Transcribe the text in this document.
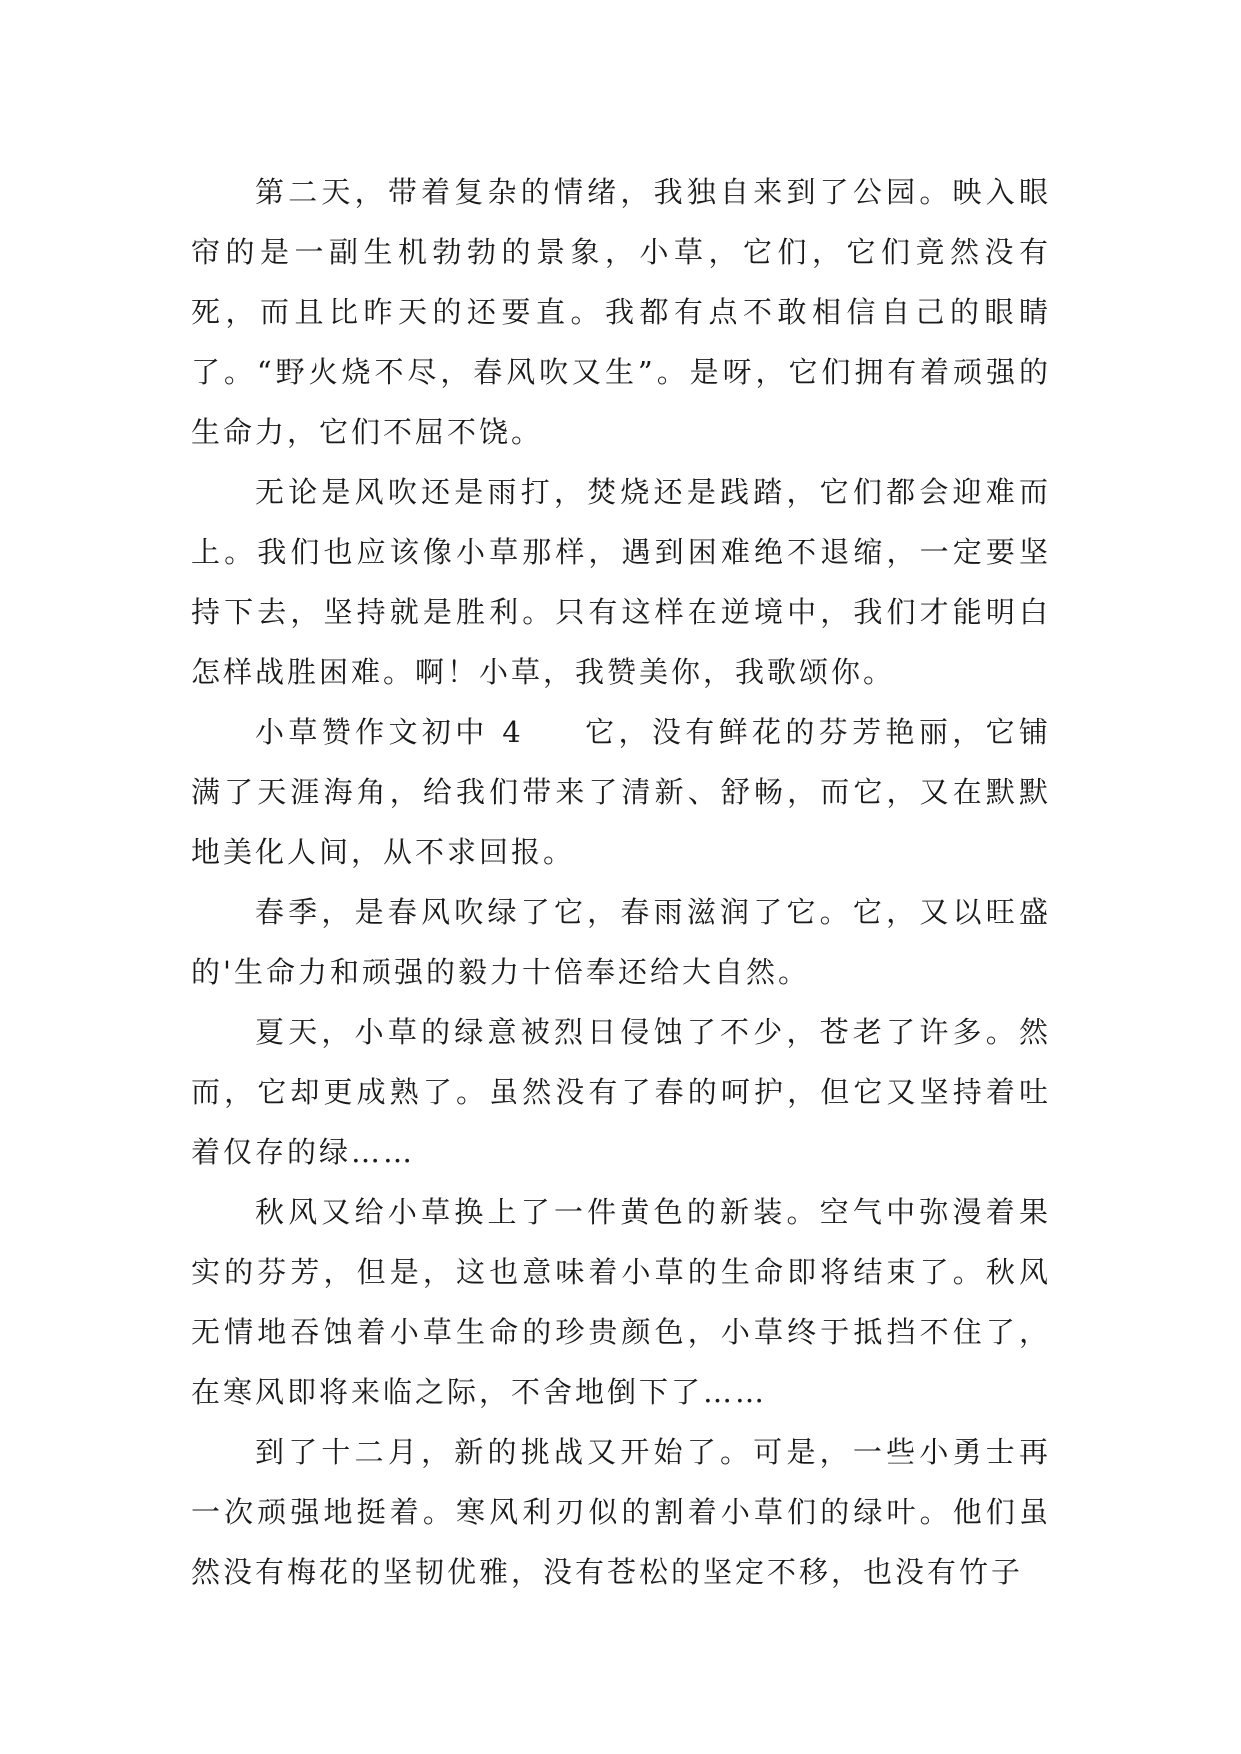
第二天，带着复杂的情绪，我独自来到了公园。映入眼帘的是一副生机勃勃的景象，小草，它们，它们竟然没有死，而且比昨天的还要直。我都有点不敢相信自己的眼睛了。“野火烧不尽，春风吹又生”。是呀，它们拥有着顽强的生命力，它们不屈不饶。

无论是风吹还是雨打，焚烧还是践踏，它们都会迎难而上。我们也应该像小草那样，遇到困难绝不退缩，一定要坚持下去，坚持就是胜利。只有这样在逆境中，我们才能明白怎样战胜困难。啊！小草，我赞美你，我歌颂你。

小草赞作文初中 4 它，没有鲜花的芬芳艳丽，它铺满了天涯海角，给我们带来了清新、舒畅，而它，又在默默地美化人间，从不求回报。

春季，是春风吹绿了它，春雨滋润了它。它，又以旺盛的'生命力和顽强的毅力十倍奉还给大自然。

夏天，小草的绿意被烈日侵蚀了不少，苍老了许多。然而，它却更成熟了。虽然没有了春的呵护，但它又坚持着吐着仅存的绿……

秋风又给小草换上了一件黄色的新装。空气中弥漫着果实的芬芳，但是，这也意味着小草的生命即将结束了。秋风无情地吞蚀着小草生命的珍贵颜色，小草终于抵挡不住了，在寒风即将来临之际，不舍地倒下了……

到了十二月，新的挑战又开始了。可是，一些小勇士再一次顽强地挺着。寒风利刃似的割着小草们的绿叶。他们虽然没有梅花的坚韧优雅，没有苍松的坚定不移，也没有竹子
